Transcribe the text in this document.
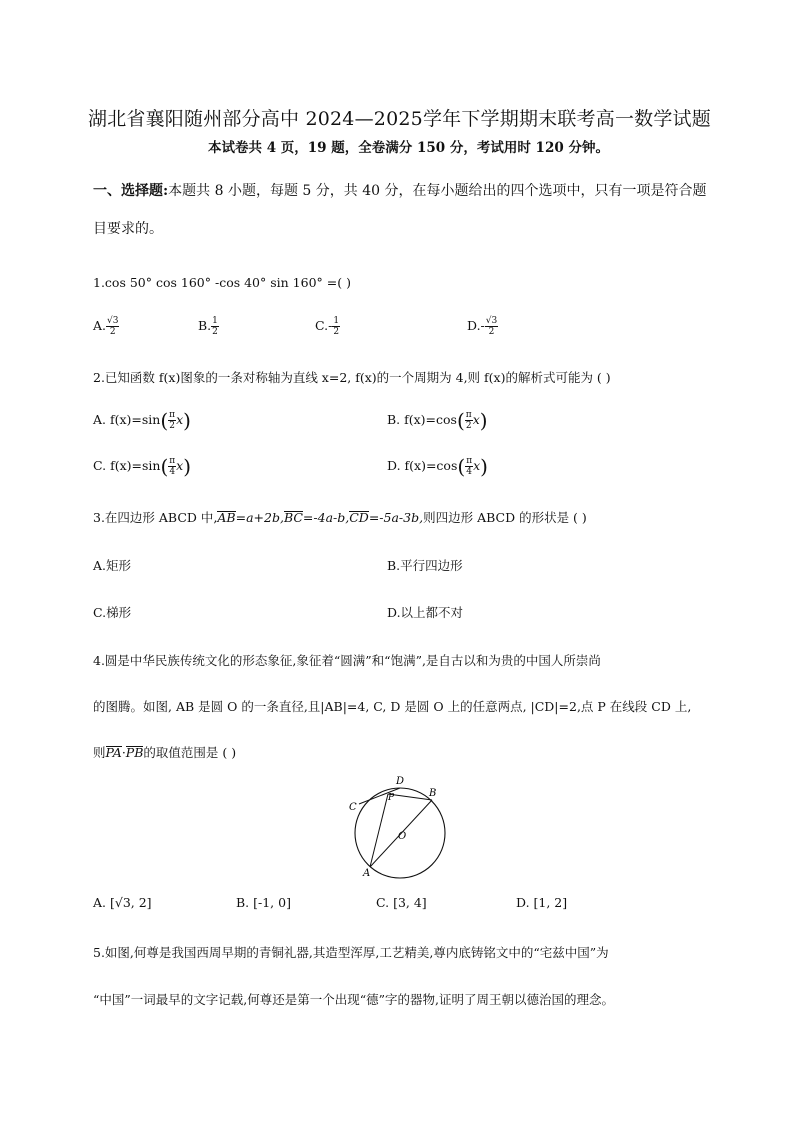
湖北省襄阳随州部分高中 2024—2025学年下学期期末联考高一数学试题
本试卷共 4 页，19 题，全卷满分 150 分，考试用时 120 分钟。
一、选择题:本题共 8 小题，每题 5 分，共 40 分，在每小题给出的四个选项中，只有一项是符合题
目要求的。
1.cos 50° cos 160° -cos 40° sin 160° =( )
A. $\frac{√3}{2}$	B. $\frac{1}{2}$	$C.- \frac{1}{2}$	$D.- \frac{√3}{2}$
2.已知函数 f(x)图象的一条对称轴为直线 x=2, f(x)的一个周期为 4,则 f(x)的解析式可能为 ( )
A. $f(x)=\sin( \frac{\pi}{2} x)$	B. $f(x)=\cos( \frac{\pi}{2} x)$
C. $f(x)=\sin( \frac{\pi}{4} x)$	D. $f(x)=\cos( \frac{\pi}{4} x)$
3.在四边形 ABCD 中,AB=a+2b,BC=-4a-b,CD=-5a-3b,则四边形 ABCD 的形状是 ( )
A.矩形	B.平行四边形
C.梯形	D.以上都不对
4.圆是中华民族传统文化的形态象征,象征着“圆满”和“饱满”,是自古以和为贵的中国人所崇尚
的图腾。如图, AB 是圆 O 的一条直径,且|AB|=4, C, D 是圆 O 上的任意两点, |CD|=2,点 P 在线段 CD 上,
则PA·PB的取值范围是 ( )
D
P	B
C
O
A
A. [√3, 2]	B. [-1, 0]	C. [3, 4]	D. [1, 2]
5.如图,何尊是我国西周早期的青铜礼器,其造型浑厚,工艺精美,尊内底铸铭文中的“宅兹中国”为
“中国”一词最早的文字记载,何尊还是第一个出现“德”字的器物,证明了周王朝以德治国的理念。
